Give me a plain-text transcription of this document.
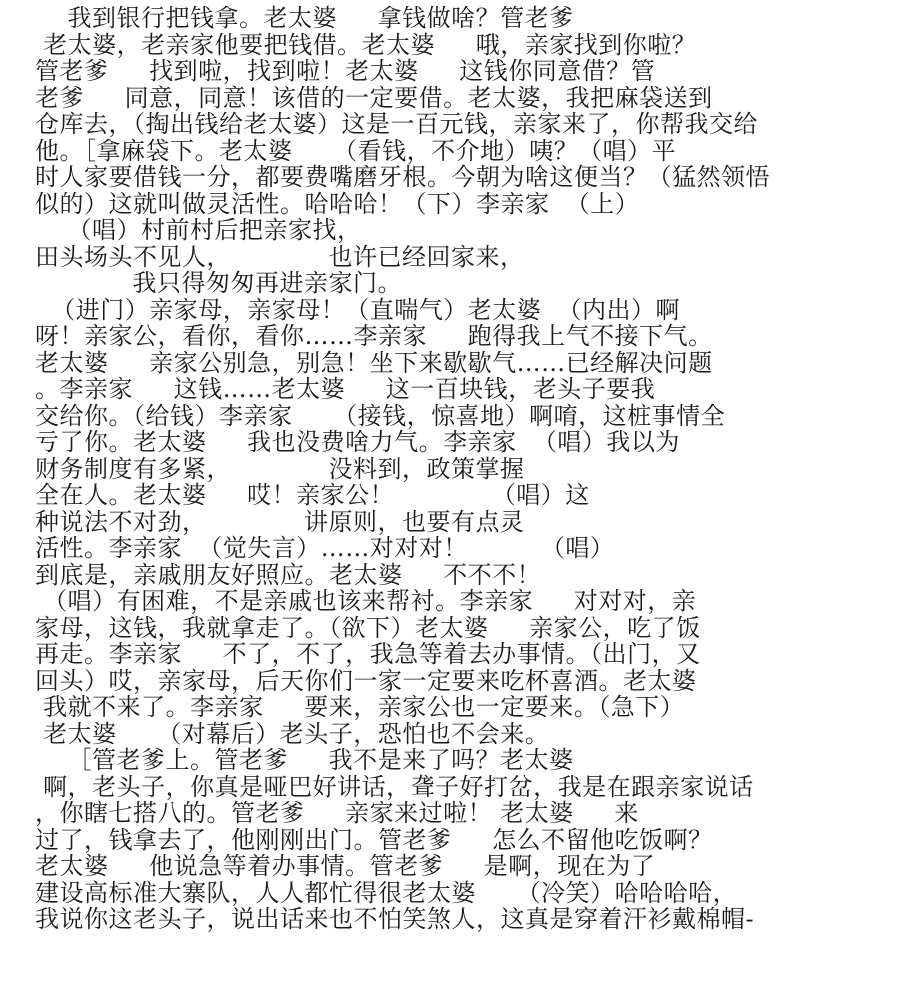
我到银行把钱拿。老太婆     拿钱做啥？管老爹
老太婆，老亲家他要把钱借。老太婆     哦，亲家找到你啦？
管老爹     找到啦，找到啦！老太婆     这钱你同意借？管
老爹     同意，同意！该借的一定要借。老太婆，我把麻袋送到
仓库去，（掏出钱给老太婆）这是一百元钱，亲家来了，你帮我交给
他。［拿麻袋下。老太婆     （看钱，不介地）咦？（唱）平
时人家要借钱一分，都要费嘴磨牙根。今朝为啥这便当？（猛然领悟
似的）这就叫做灵活性。哈哈哈！（下）李亲家  （上）
（唱）村前村后把亲家找，
田头场头不见人，            也许已经回家来，
我只得匆匆再进亲家门。
（进门）亲家母，亲家母！（直喘气）老太婆  （内出）啊
呀！亲家公，看你，看你……李亲家     跑得我上气不接下气。
老太婆     亲家公别急，别急！坐下来歇歇气……已经解决问题
。李亲家     这钱……老太婆     这一百块钱，老头子要我
交给你。（给钱）李亲家     （接钱，惊喜地）啊唷，这桩事情全
亏了你。老太婆     我也没费啥力气。李亲家  （唱）我以为
财务制度有多紧，            没料到，政策掌握
全在人。老太婆     哎！亲家公！            （唱）这
种说法不对劲，            讲原则，也要有点灵
活性。李亲家  （觉失言）……对对对！         （唱）
到底是，亲戚朋友好照应。老太婆     不不不！
（唱）有困难，不是亲戚也该来帮衬。李亲家     对对对，亲
家母，这钱，我就拿走了。（欲下）老太婆     亲家公，吃了饭
再走。李亲家     不了，不了，我急等着去办事情。（出门，又
回头）哎，亲家母，后天你们一家一定要来吃杯喜酒。老太婆
我就不来了。李亲家     要来，亲家公也一定要来。（急下）
老太婆     （对幕后）老头子，恐怕也不会来。
［管老爹上。管老爹     我不是来了吗？老太婆
啊，老头子，你真是哑巴好讲话，聋子好打岔，我是在跟亲家说话
，你瞎七搭八的。管老爹     亲家来过啦！ 老太婆     来
过了，钱拿去了，他刚刚出门。管老爹     怎么不留他吃饭啊？
老太婆     他说急等着办事情。管老爹     是啊，现在为了
建设高标准大寨队，人人都忙得很老太婆     （冷笑）哈哈哈哈，
我说你这老头子，说出话来也不怕笑煞人，这真是穿着汗衫戴棉帽-
